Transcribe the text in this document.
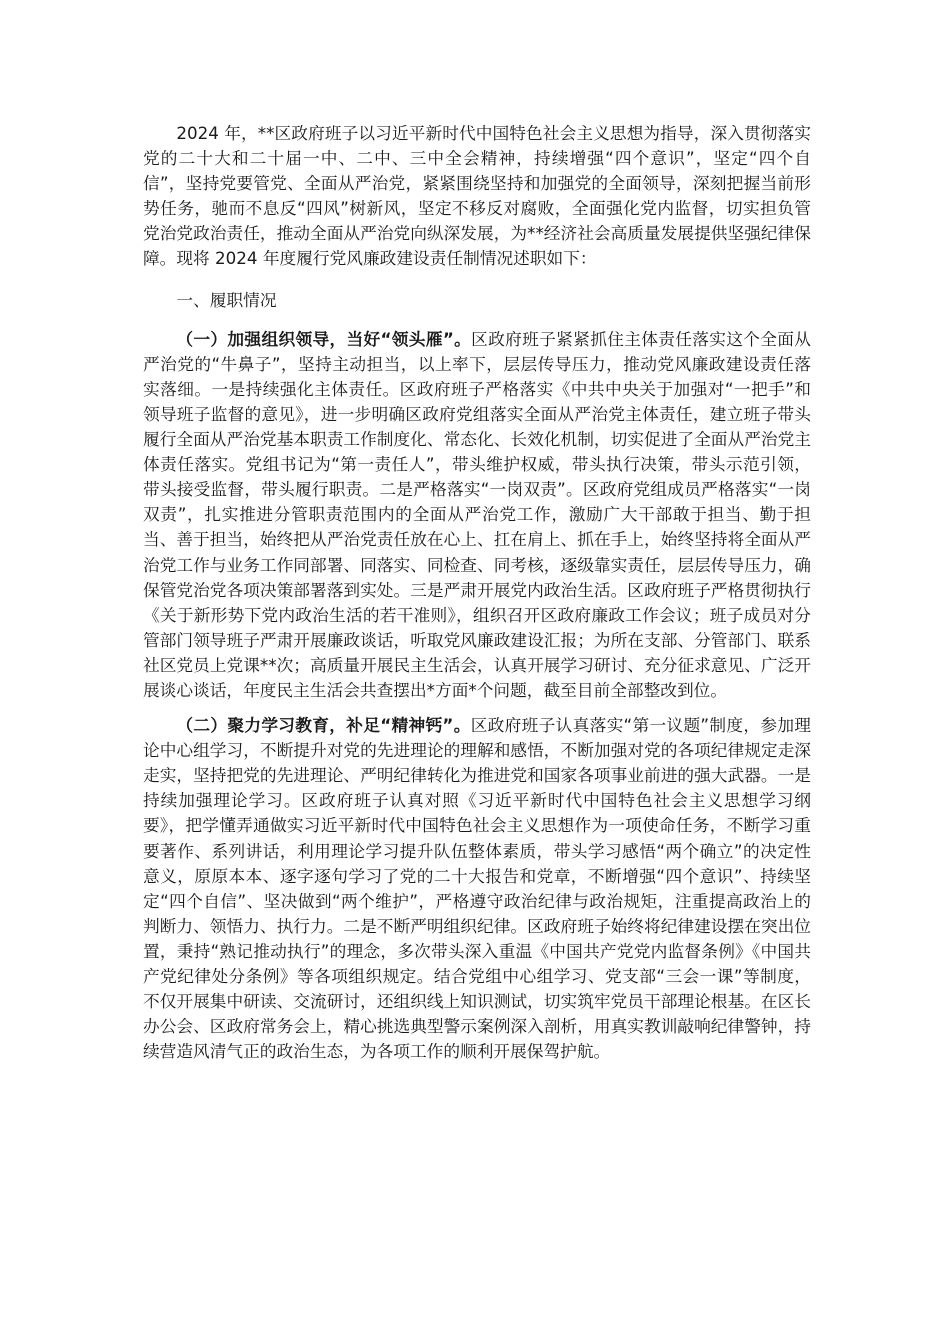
2024 年，**区政府班子以习近平新时代中国特色社会主义思想为指导，深入贯彻落实党的二十大和二十届一中、二中、三中全会精神，持续增强“四个意识”，坚定“四个自信”，坚持党要管党、全面从严治党，紧紧围绕坚持和加强党的全面领导，深刻把握当前形势任务，驰而不息反“四风”树新风，坚定不移反对腐败，全面强化党内监督，切实担负管党治党政治责任，推动全面从严治党向纵深发展，为**经济社会高质量发展提供坚强纪律保障。现将 2024 年度履行党风廉政建设责任制情况述职如下：

一、履职情况

（一）加强组织领导，当好“领头雁”。区政府班子紧紧抓住主体责任落实这个全面从严治党的“牛鼻子”，坚持主动担当，以上率下，层层传导压力，推动党风廉政建设责任落实落细。一是持续强化主体责任。区政府班子严格落实《中共中央关于加强对“一把手”和领导班子监督的意见》，进一步明确区政府党组落实全面从严治党主体责任，建立班子带头履行全面从严治党基本职责工作制度化、常态化、长效化机制，切实促进了全面从严治党主体责任落实。党组书记为“第一责任人”，带头维护权威，带头执行决策，带头示范引领，带头接受监督，带头履行职责。二是严格落实“一岗双责”。区政府党组成员严格落实“一岗双责”，扎实推进分管职责范围内的全面从严治党工作，激励广大干部敢于担当、勤于担当、善于担当，始终把从严治党责任放在心上、扛在肩上、抓在手上，始终坚持将全面从严治党工作与业务工作同部署、同落实、同检查、同考核，逐级靠实责任，层层传导压力，确保管党治党各项决策部署落到实处。三是严肃开展党内政治生活。区政府班子严格贯彻执行《关于新形势下党内政治生活的若干准则》，组织召开区政府廉政工作会议；班子成员对分管部门领导班子严肃开展廉政谈话，听取党风廉政建设汇报；为所在支部、分管部门、联系社区党员上党课**次；高质量开展民主生活会，认真开展学习研讨、充分征求意见、广泛开展谈心谈话，年度民主生活会共查摆出*方面*个问题，截至目前全部整改到位。

（二）聚力学习教育，补足“精神钙”。区政府班子认真落实“第一议题”制度，参加理论中心组学习，不断提升对党的先进理论的理解和感悟，不断加强对党的各项纪律规定走深走实，坚持把党的先进理论、严明纪律转化为推进党和国家各项事业前进的强大武器。一是持续加强理论学习。区政府班子认真对照《习近平新时代中国特色社会主义思想学习纲要》，把学懂弄通做实习近平新时代中国特色社会主义思想作为一项使命任务，不断学习重要著作、系列讲话，利用理论学习提升队伍整体素质，带头学习感悟“两个确立”的决定性意义，原原本本、逐字逐句学习了党的二十大报告和党章，不断增强“四个意识”、持续坚定“四个自信”、坚决做到“两个维护”，严格遵守政治纪律与政治规矩，注重提高政治上的判断力、领悟力、执行力。二是不断严明组织纪律。区政府班子始终将纪律建设摆在突出位置，秉持“熟记推动执行”的理念，多次带头深入重温《中国共产党党内监督条例》《中国共产党纪律处分条例》等各项组织规定。结合党组中心组学习、党支部“三会一课”等制度，不仅开展集中研读、交流研讨，还组织线上知识测试，切实筑牢党员干部理论根基。在区长办公会、区政府常务会上，精心挑选典型警示案例深入剖析，用真实教训敲响纪律警钟，持续营造风清气正的政治生态，为各项工作的顺利开展保驾护航。
